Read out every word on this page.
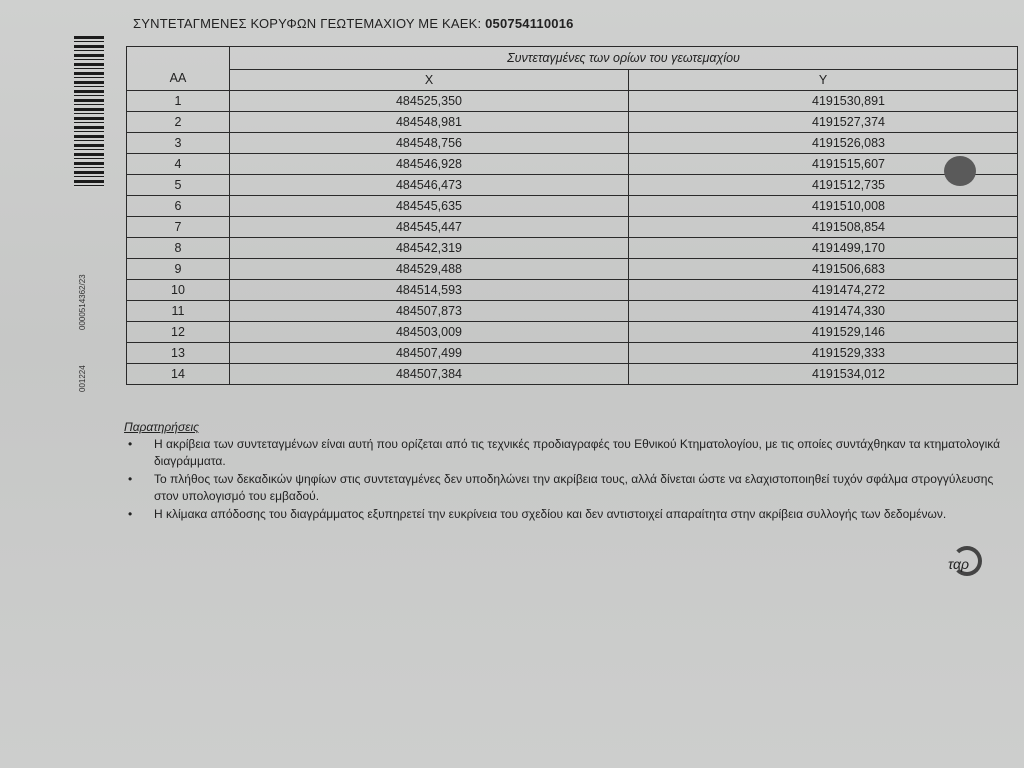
0000514362/23
001224
ΣΥΝΤΕΤΑΓΜΕΝΕΣ ΚΟΡΥΦΩΝ ΓΕΩΤΕΜΑΧΙΟΥ ΜΕ ΚΑΕΚ: 050754110016
AA	Συντεταγμένες των ορίων του γεωτεμαχίου	
	X	Y
1	484525,350	4191530,891
2	484548,981	4191527,374
3	484548,756	4191526,083
4	484546,928	4191515,607
5	484546,473	4191512,735
6	484545,635	4191510,008
7	484545,447	4191508,854
8	484542,319	4191499,170
9	484529,488	4191506,683
10	484514,593	4191474,272
11	484507,873	4191474,330
12	484503,009	4191529,146
13	484507,499	4191529,333
14	484507,384	4191534,012
Παρατηρήσεις
• Η ακρίβεια των συντεταγμένων είναι αυτή που ορίζεται από τις τεχνικές προδιαγραφές του Εθνικού Κτηματολογίου, με τις οποίες συντάχθηκαν τα κτηματολογικά διαγράμματα.
• Το πλήθος των δεκαδικών ψηφίων στις συντεταγμένες δεν υποδηλώνει την ακρίβεια τους, αλλά δίνεται ώστε να ελαχιστοποιηθεί τυχόν σφάλμα στρογγύλευσης στον υπολογισμό του εμβαδού.
• Η κλίμακα απόδοσης του διαγράμματος εξυπηρετεί την ευκρίνεια του σχεδίου και δεν αντιστοιχεί απαραίτητα στην ακρίβεια συλλογής των δεδομένων.
ταρ
